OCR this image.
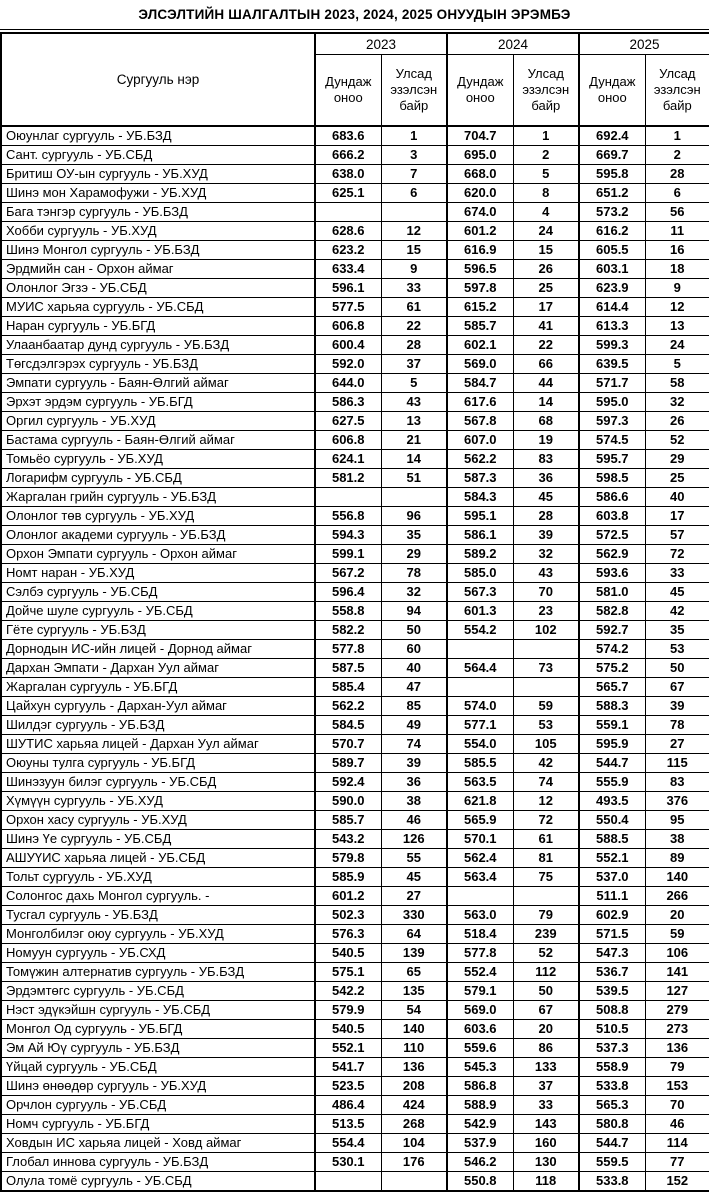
ЭЛСЭЛТИЙН ШАЛГАЛТЫН 2023, 2024, 2025 ОНУУДЫН ЭРЭМБЭ
Сургууль нэр	2023		2024		2025	
	Дундаж оноо	Улсад эзэлсэн байр	Дундаж оноо	Улсад эзэлсэн байр	Дундаж оноо	Улсад эзэлсэн байр
Оюунлаг сургууль - УБ.БЗД	683.6	1	704.7	1	692.4	1
Сант. сургууль - УБ.СБД	666.2	3	695.0	2	669.7	2
Бритиш ОУ-ын сургууль - УБ.ХУД	638.0	7	668.0	5	595.8	28
Шинэ мон Харамофужи - УБ.ХУД	625.1	6	620.0	8	651.2	6
Бага тэнгэр сургууль - УБ.БЗД			674.0	4	573.2	56
Хобби сургууль - УБ.ХУД	628.6	12	601.2	24	616.2	11
Шинэ Монгол сургууль - УБ.БЗД	623.2	15	616.9	15	605.5	16
Эрдмийн сан - Орхон аймаг	633.4	9	596.5	26	603.1	18
Олонлог Эгзэ - УБ.СБД	596.1	33	597.8	25	623.9	9
МУИС харьяа сургууль - УБ.СБД	577.5	61	615.2	17	614.4	12
Наран сургууль - УБ.БГД	606.8	22	585.7	41	613.3	13
Улаанбаатар дунд сургууль - УБ.БЗД	600.4	28	602.1	22	599.3	24
Төгсдэлгэрэх сургууль - УБ.БЗД	592.0	37	569.0	66	639.5	5
Эмпати сургууль - Баян-Өлгий аймаг	644.0	5	584.7	44	571.7	58
Эрхэт эрдэм сургууль - УБ.БГД	586.3	43	617.6	14	595.0	32
Оргил сургууль - УБ.ХУД	627.5	13	567.8	68	597.3	26
Бастама сургууль - Баян-Өлгий аймаг	606.8	21	607.0	19	574.5	52
Томьёо сургууль - УБ.ХУД	624.1	14	562.2	83	595.7	29
Логарифм сургууль - УБ.СБД	581.2	51	587.3	36	598.5	25
Жаргалан грийн сургууль - УБ.БЗД			584.3	45	586.6	40
Олонлог төв сургууль - УБ.ХУД	556.8	96	595.1	28	603.8	17
Олонлог академи сургууль - УБ.БЗД	594.3	35	586.1	39	572.5	57
Орхон Эмпати сургууль - Орхон аймаг	599.1	29	589.2	32	562.9	72
Номт наран - УБ.ХУД	567.2	78	585.0	43	593.6	33
Сэлбэ сургууль - УБ.СБД	596.4	32	567.3	70	581.0	45
Дойче шуле сургууль - УБ.СБД	558.8	94	601.3	23	582.8	42
Гёте сургууль - УБ.БЗД	582.2	50	554.2	102	592.7	35
Дорнодын ИС-ийн лицей - Дорнод аймаг	577.8	60			574.2	53
Дархан Эмпати - Дархан Уул аймаг	587.5	40	564.4	73	575.2	50
Жаргалан сургууль - УБ.БГД	585.4	47			565.7	67
Цайхун сургууль - Дархан-Уул аймаг	562.2	85	574.0	59	588.3	39
Шилдэг сургууль - УБ.БЗД	584.5	49	577.1	53	559.1	78
ШУТИС харьяа лицей - Дархан Уул аймаг	570.7	74	554.0	105	595.9	27
Оюуны тулга сургууль - УБ.БГД	589.7	39	585.5	42	544.7	115
Шинэзуун билэг сургууль - УБ.СБД	592.4	36	563.5	74	555.9	83
Хүмүүн сургууль - УБ.ХУД	590.0	38	621.8	12	493.5	376
Орхон хасу сургууль - УБ.ХУД	585.7	46	565.9	72	550.4	95
Шинэ Үе сургууль - УБ.СБД	543.2	126	570.1	61	588.5	38
АШУҮИС харьяа лицей - УБ.СБД	579.8	55	562.4	81	552.1	89
Тольт сургууль - УБ.ХУД	585.9	45	563.4	75	537.0	140
Солонгос дахь Монгол сургууль. -	601.2	27			511.1	266
Тусгал сургууль - УБ.БЗД	502.3	330	563.0	79	602.9	20
Монголбилэг оюу сургууль - УБ.ХУД	576.3	64	518.4	239	571.5	59
Номуун сургууль - УБ.СХД	540.5	139	577.8	52	547.3	106
Томүжин алтернатив сургууль - УБ.БЗД	575.1	65	552.4	112	536.7	141
Эрдэмтөгс сургууль - УБ.СБД	542.2	135	579.1	50	539.5	127
Нэст эдүкэйшн сургууль - УБ.СБД	579.9	54	569.0	67	508.8	279
Монгол Од сургууль - УБ.БГД	540.5	140	603.6	20	510.5	273
Эм Ай Юү сургууль - УБ.БЗД	552.1	110	559.6	86	537.3	136
Үйцай сургууль - УБ.СБД	541.7	136	545.3	133	558.9	79
Шинэ өнөөдөр сургууль - УБ.ХУД	523.5	208	586.8	37	533.8	153
Орчлон сургууль - УБ.СБД	486.4	424	588.9	33	565.3	70
Номч сургууль - УБ.БГД	513.5	268	542.9	143	580.8	46
Ховдын ИС харьяа лицей - Ховд аймаг	554.4	104	537.9	160	544.7	114
Глобал иннова сургууль - УБ.БЗД	530.1	176	546.2	130	559.5	77
Олула томё сургууль - УБ.СБД			550.8	118	533.8	152
